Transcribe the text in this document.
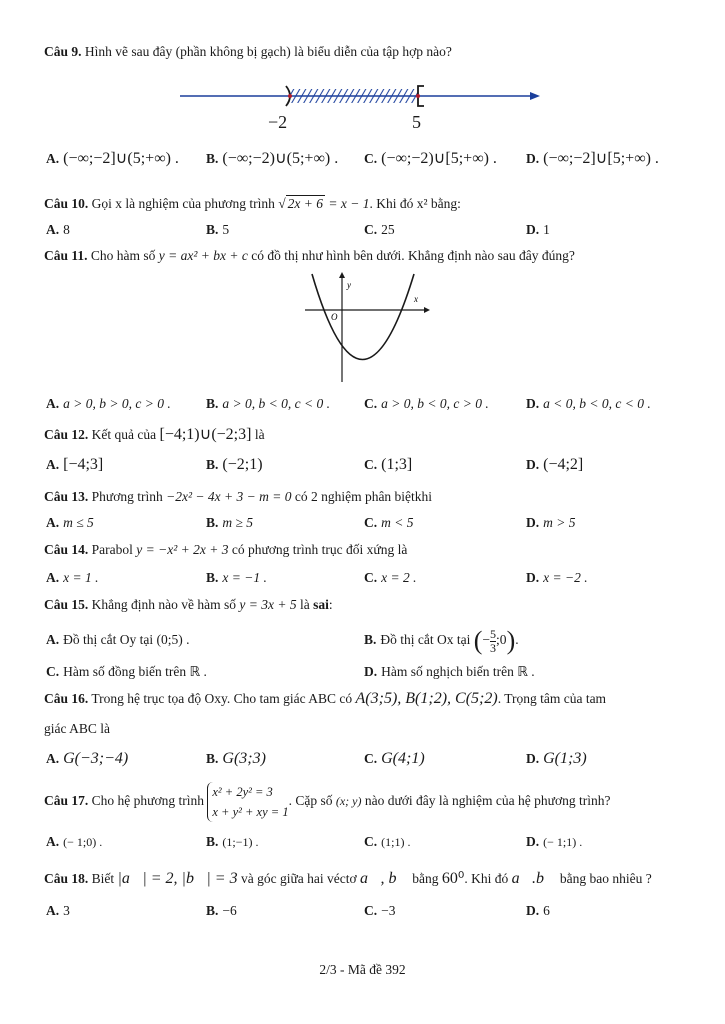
Câu 9. Hình vẽ sau đây (phần không bị gạch) là biểu diễn của tập hợp nào?
−2	5
A. (−∞;−2]∪(5;+∞) . B. (−∞;−2)∪(5;+∞) . C. (−∞;−2)∪[5;+∞) . D. (−∞;−2]∪[5;+∞) .
Câu 10. Gọi x là nghiệm của phương trình √ 2x + 6 = x − 1. Khi đó x² bằng:
A. 8	B. 5	C. 25	D. 1
Câu 11. Cho hàm số y = ax² + bx + c có đồ thị như hình bên dưới. Khẳng định nào sau đây đúng?
y
x
O
A. a > 0, b > 0, c > 0 .	B. a > 0, b < 0, c < 0 .	C. a > 0, b < 0, c > 0 .	D. a < 0, b < 0, c < 0 .
Câu 12. Kết quả của [−4;1)∪(−2;3] là
A. [−4;3]	B. (−2;1)	C. (1;3]	D. (−4;2]
Câu 13. Phương trình −2x² − 4x + 3 − m = 0 có 2 nghiệm phân biệtkhi
A. m ≤ 5	B. m ≥ 5	C. m < 5	D. m > 5
Câu 14. Parabol y = −x² + 2x + 3 có phương trình trục đối xứng là
A. x = 1 .	B. x = −1 .	C. x = 2 .	D. x = −2 .
Câu 15. Khẳng định nào về hàm số y = 3x + 5 là sai:
A. Đồ thị cắt Oy tại (0;5) .	B. Đồ thị cắt Ox tại (− $\frac{5}{3}$ ;0).
C. Hàm số đồng biến trên ℝ .	D. Hàm số nghịch biến trên ℝ .
Câu 16. Trong hệ trục tọa độ Oxy. Cho tam giác ABC có A(3;5), B(1;2), C(5;2). Trọng tâm của tam
giác ABC là
A. G(−3;−4)	B. G(3;3)	C. G(4;1)	D. G(1;3)
Câu 17. Cho hệ phương trình
x² + 2y² = 3
x + y² + xy = 1
. Cặp số (x; y) nào dưới đây là nghiệm của hệ phương trình?
A. (− 1;0) .	B. (1;−1) .	C. (1;1) .	D. (− 1;1) .
Câu 18. Biết |a⃗| = 2, |b⃗| = 3 và góc giữa hai véctơ a⃗, b⃗ bằng 60⁰. Khi đó a⃗.b⃗ bằng bao nhiêu ?
A. 3	B. −6	C. −3	D. 6
2/3 - Mã đề 392
